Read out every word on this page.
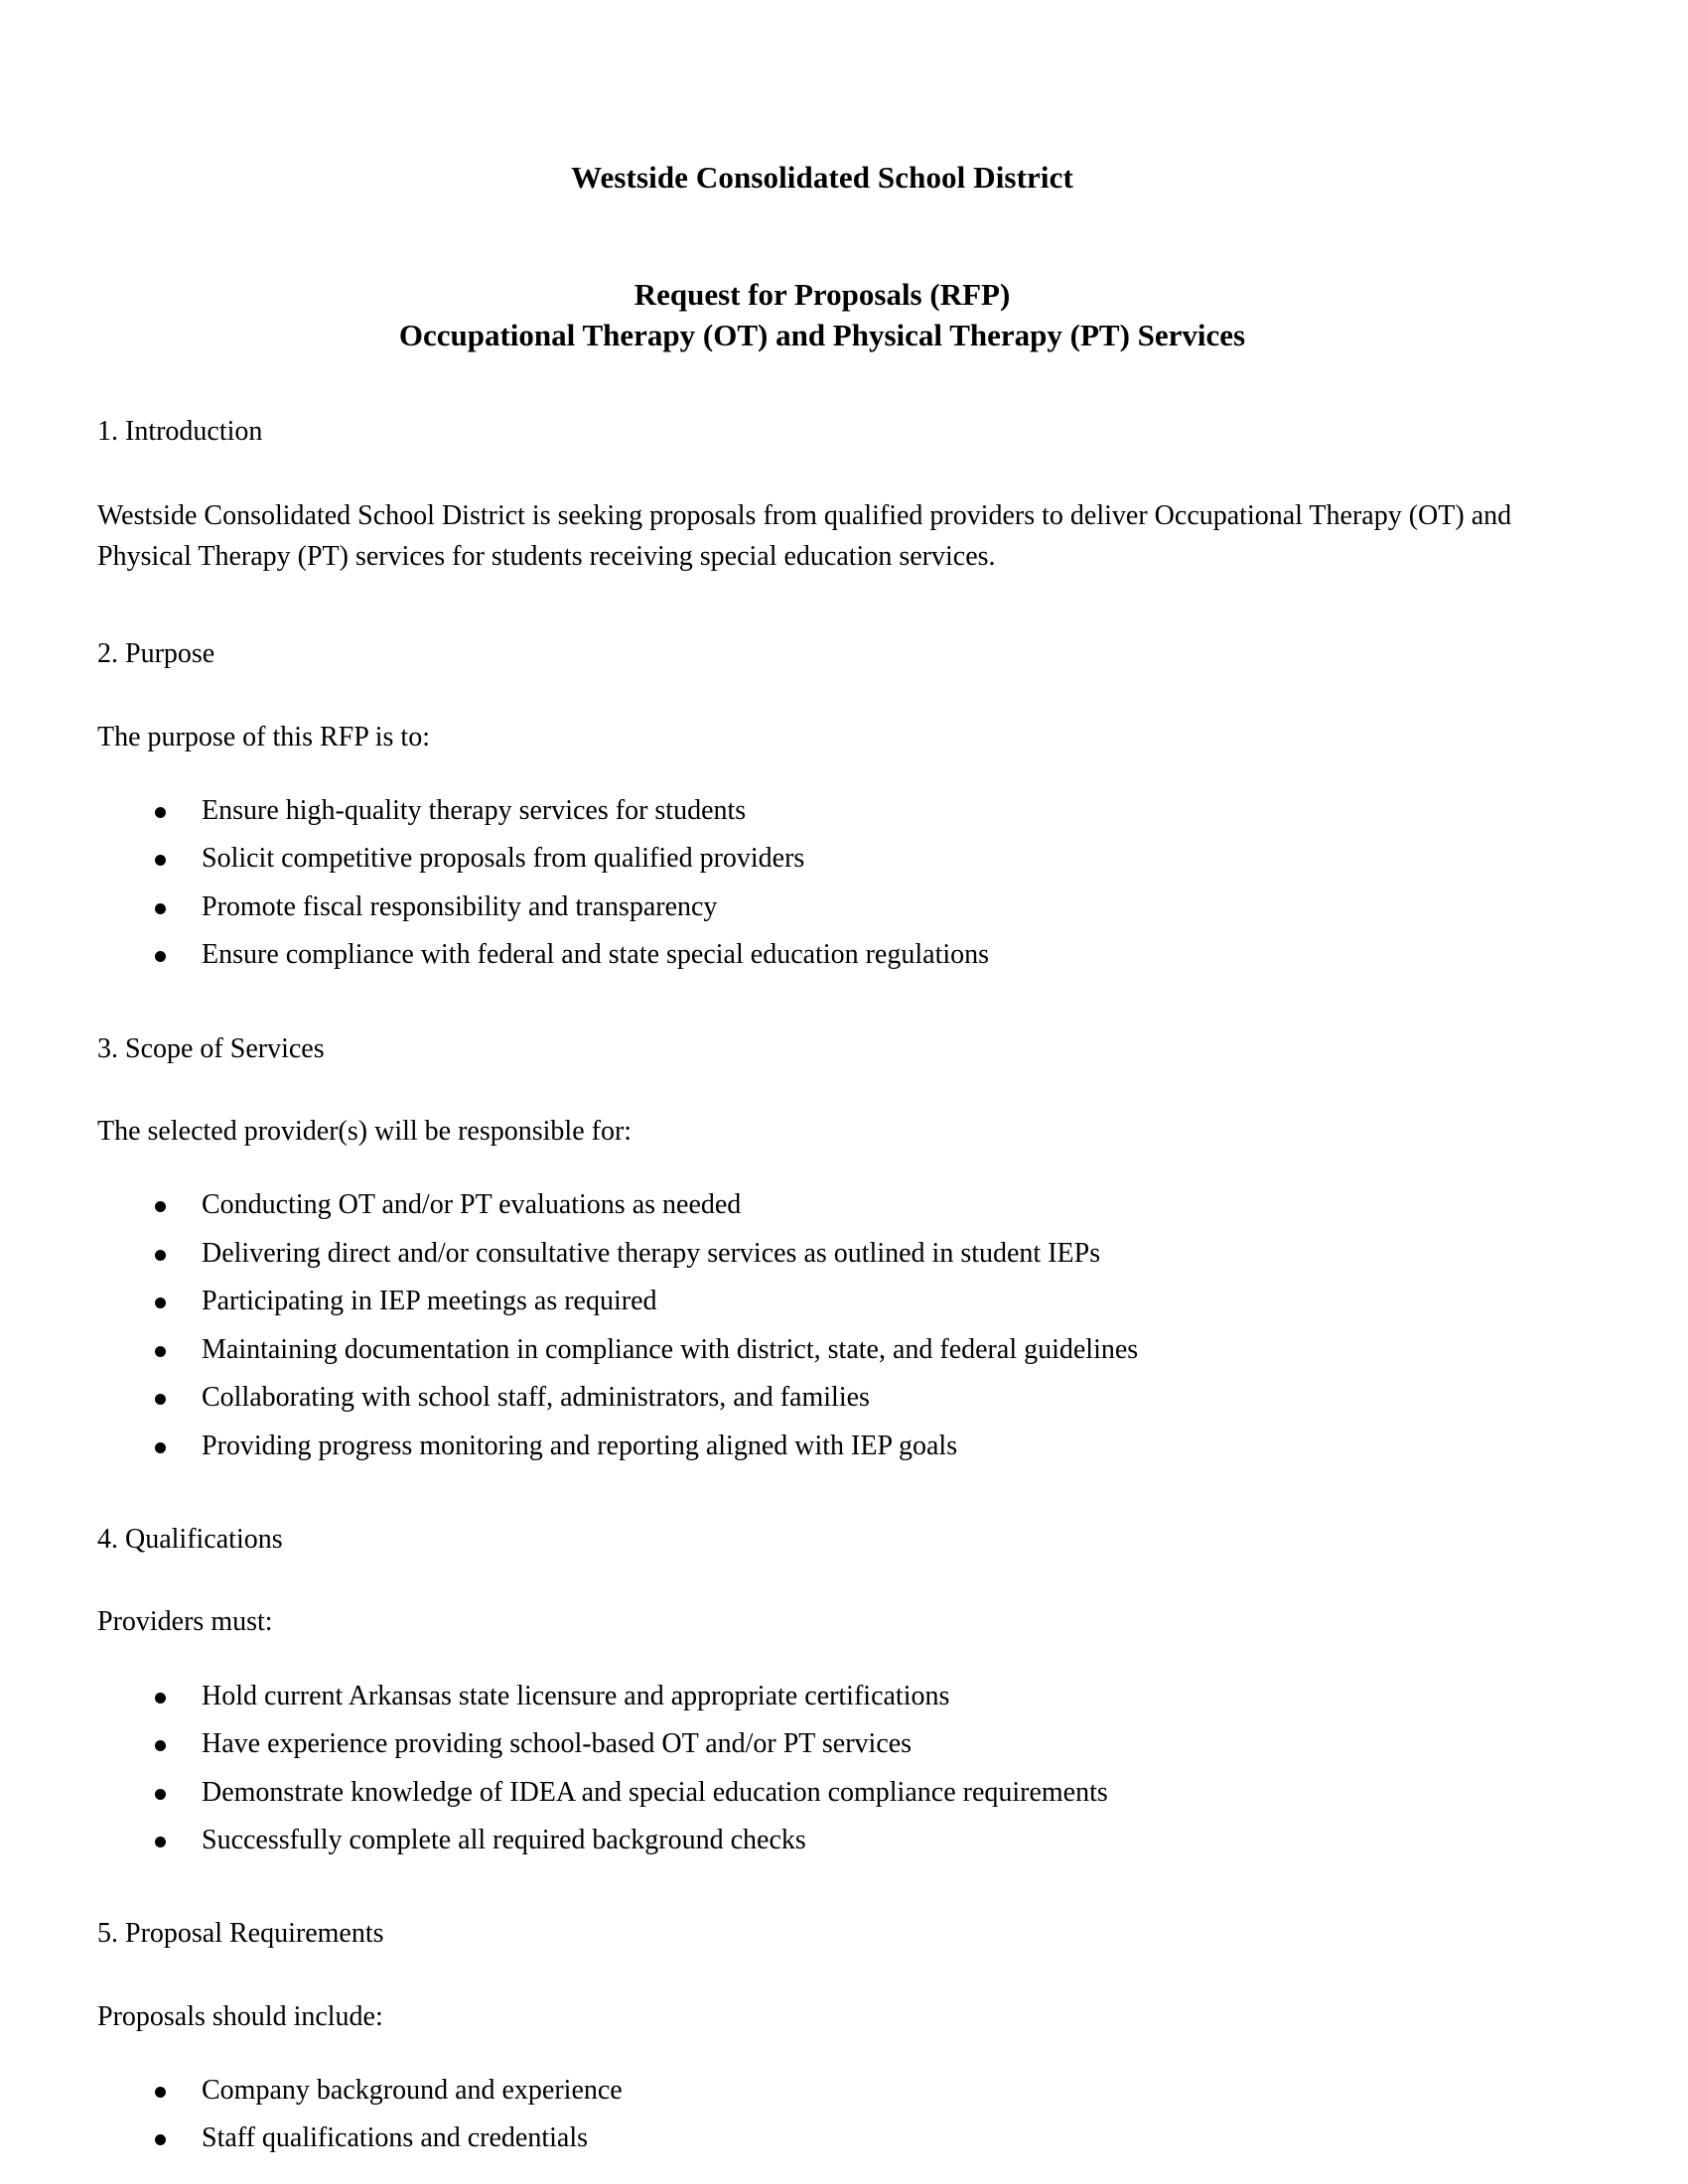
Westside Consolidated School District
Request for Proposals (RFP)
Occupational Therapy (OT) and Physical Therapy (PT) Services
1. Introduction

Westside Consolidated School District is seeking proposals from qualified providers to deliver Occupational Therapy (OT) and Physical Therapy (PT) services for students receiving special education services.

2. Purpose

The purpose of this RFP is to:

Ensure high-quality therapy services for students
Solicit competitive proposals from qualified providers
Promote fiscal responsibility and transparency
Ensure compliance with federal and state special education regulations
3. Scope of Services

The selected provider(s) will be responsible for:

Conducting OT and/or PT evaluations as needed
Delivering direct and/or consultative therapy services as outlined in student IEPs
Participating in IEP meetings as required
Maintaining documentation in compliance with district, state, and federal guidelines
Collaborating with school staff, administrators, and families
Providing progress monitoring and reporting aligned with IEP goals
4. Qualifications

Providers must:

Hold current Arkansas state licensure and appropriate certifications
Have experience providing school-based OT and/or PT services
Demonstrate knowledge of IDEA and special education compliance requirements
Successfully complete all required background checks
5. Proposal Requirements

Proposals should include:

Company background and experience
Staff qualifications and credentials
